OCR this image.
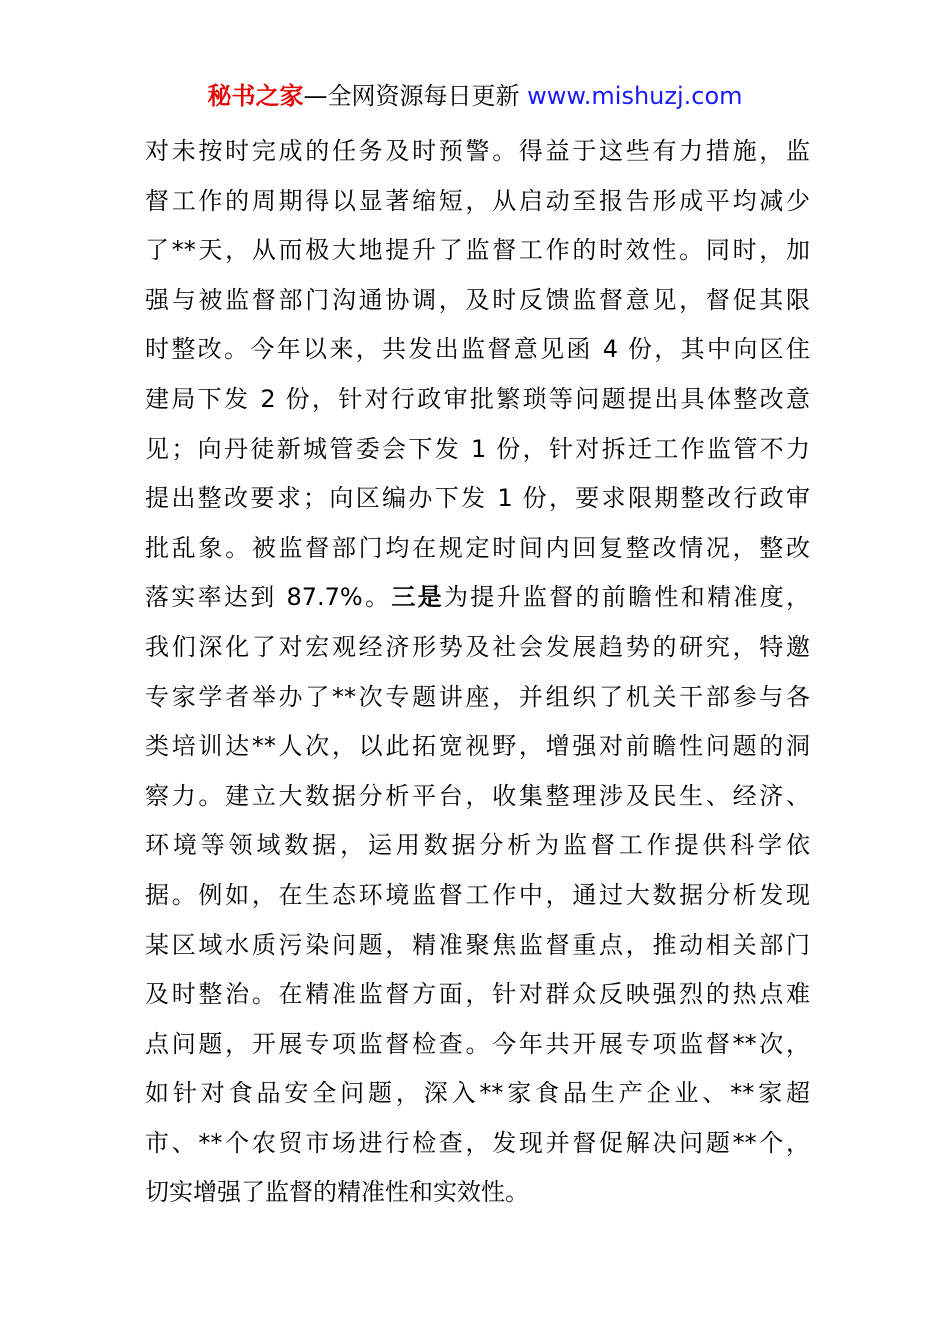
秘书之家—全网资源每日更新 www.mishuzj.com
对未按时完成的任务及时预警。得益于这些有力措施，监
督工作的周期得以显著缩短，从启动至报告形成平均减少
了**天，从而极大地提升了监督工作的时效性。同时，加
强与被监督部门沟通协调，及时反馈监督意见，督促其限
时整改。今年以来，共发出监督意见函 4 份，其中向区住
建局下发 2 份，针对行政审批繁琐等问题提出具体整改意
见；向丹徒新城管委会下发 1 份，针对拆迁工作监管不力
提出整改要求；向区编办下发 1 份，要求限期整改行政审
批乱象。被监督部门均在规定时间内回复整改情况，整改
落实率达到 87.7%。三是为提升监督的前瞻性和精准度，
我们深化了对宏观经济形势及社会发展趋势的研究，特邀
专家学者举办了**次专题讲座，并组织了机关干部参与各
类培训达**人次，以此拓宽视野，增强对前瞻性问题的洞
察力。建立大数据分析平台，收集整理涉及民生、经济、
环境等领域数据，运用数据分析为监督工作提供科学依
据。例如，在生态环境监督工作中，通过大数据分析发现
某区域水质污染问题，精准聚焦监督重点，推动相关部门
及时整治。在精准监督方面，针对群众反映强烈的热点难
点问题，开展专项监督检查。今年共开展专项监督**次，
如针对食品安全问题，深入**家食品生产企业、**家超
市、**个农贸市场进行检查，发现并督促解决问题**个，
切实增强了监督的精准性和实效性。
